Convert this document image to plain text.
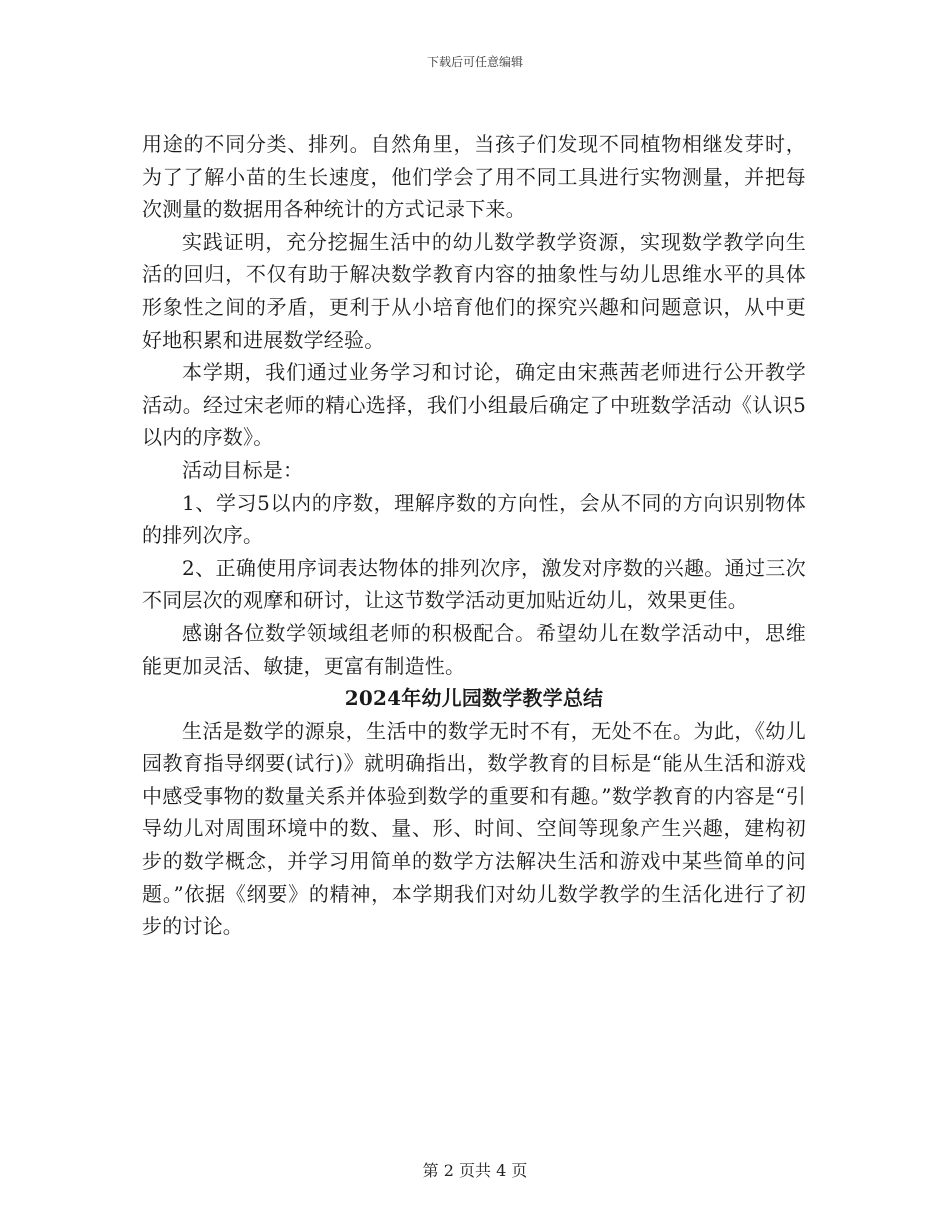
下载后可任意编辑

用途的不同分类、排列。自然角里，当孩子们发现不同植物相继发芽时，为了了解小苗的生长速度，他们学会了用不同工具进行实物测量，并把每次测量的数据用各种统计的方式记录下来。

实践证明，充分挖掘生活中的幼儿数学教学资源，实现数学教学向生活的回归，不仅有助于解决数学教育内容的抽象性与幼儿思维水平的具体形象性之间的矛盾，更利于从小培育他们的探究兴趣和问题意识，从中更好地积累和进展数学经验。

本学期，我们通过业务学习和讨论，确定由宋燕茜老师进行公开教学活动。经过宋老师的精心选择，我们小组最后确定了中班数学活动《认识5以内的序数》。

活动目标是：

1、学习5以内的序数，理解序数的方向性，会从不同的方向识别物体的排列次序。

2、正确使用序词表达物体的排列次序，激发对序数的兴趣。通过三次不同层次的观摩和研讨，让这节数学活动更加贴近幼儿，效果更佳。

感谢各位数学领域组老师的积极配合。希望幼儿在数学活动中，思维能更加灵活、敏捷，更富有制造性。

2024年幼儿园数学教学总结

生活是数学的源泉，生活中的数学无时不有，无处不在。为此，《幼儿园教育指导纲要(试行)》就明确指出，数学教育的目标是“能从生活和游戏中感受事物的数量关系并体验到数学的重要和有趣。”数学教育的内容是“引导幼儿对周围环境中的数、量、形、时间、空间等现象产生兴趣，建构初步的数学概念，并学习用简单的数学方法解决生活和游戏中某些简单的问题。”依据《纲要》的精神，本学期我们对幼儿数学教学的生活化进行了初步的讨论。

第 2 页共 4 页
